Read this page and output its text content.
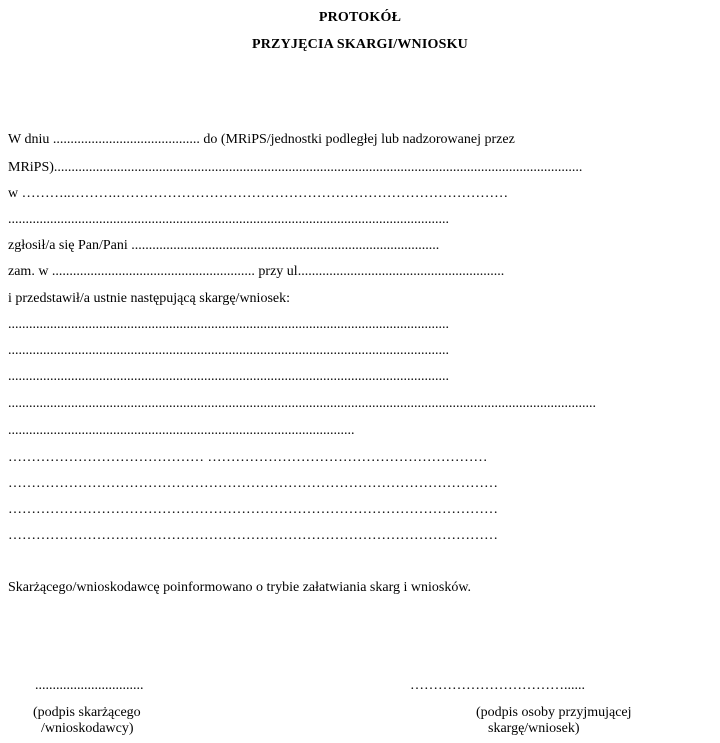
PROTOKÓŁ
PRZYJĘCIA SKARGI/WNIOSKU
W dniu .......................................... do (MRiPS/jednostki podległej lub nadzorowanej przez
MRiPS).......................................................................................................................................................
w ………..……….…………………………………………………………………………
..............................................................................................................................
zgłosił/a się Pan/Pani ........................................................................................
zam. w .......................................................... przy ul...........................................................
i przedstawił/a ustnie następującą skargę/wniosek:
..............................................................................................................................
..............................................................................................................................
..............................................................................................................................
........................................................................................................................................................................
...................................................................................................
…………………………………… ……………………………………………………
……………………………………………………………………………………………
……………………………………………………………………………………………
……………………………………………………………………………………………
Skarżącego/wnioskodawcę poinformowano o trybie załatwiania skarg i wniosków.
...............................
(podpis skarżącego
/wnioskodawcy)
……………………………......
(podpis osoby przyjmującej
skargę/wniosek)
